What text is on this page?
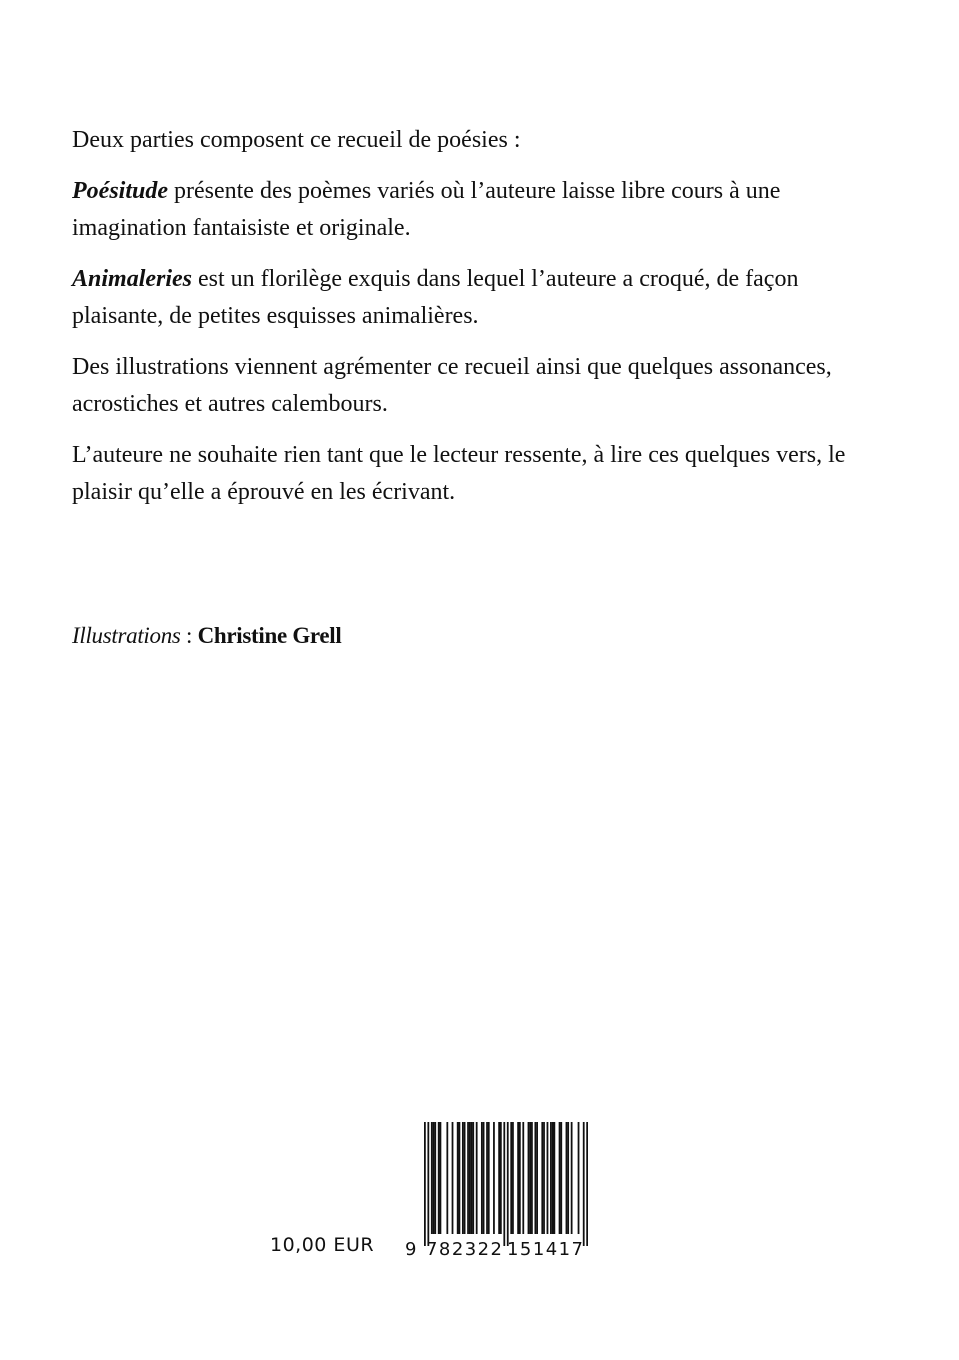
Deux parties composent ce recueil de poésies :

Poésitude présente des poèmes variés où l’auteure laisse libre cours à une imagination fantaisiste et originale.

Animaleries est un florilège exquis dans lequel l’auteure a croqué, de façon plaisante, de petites esquisses animalières.

Des illustrations viennent agrémenter ce recueil ainsi que quelques assonances, acrostiches et autres calembours.

L’auteure ne souhaite rien tant que le lecteur ressente, à lire ces quelques vers, le plaisir qu’elle a éprouvé en les écrivant.

Illustrations : Christine Grell
10,00 EUR 9 782322 151417
